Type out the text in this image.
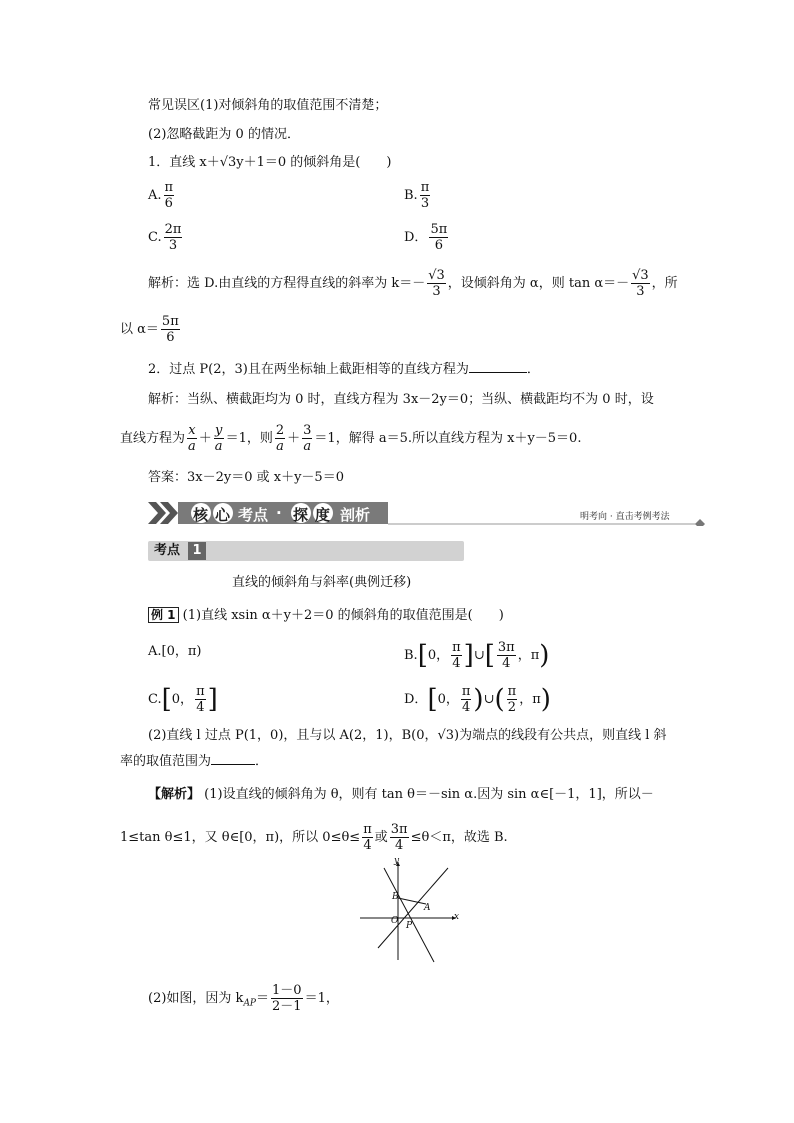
常见误区(1)对倾斜角的取值范围不清楚；
(2)忽略截距为 0 的情况．
1．直线 x＋√3y＋1＝0 的倾斜角是(　　)
A. $\frac{\pi}{6}$	B. $\frac{\pi}{3}$
C. $\frac{2\pi}{3}$	D． $\frac{5\pi}{6}$
解析：选 D.由直线的方程得直线的斜率为 $k=- \frac{√3}{3}$ ，设倾斜角为 α，则 $\tan \alpha=- \frac{√3}{3}$ ，所
以 $\alpha= \frac{5\pi}{6}$
2．过点 P(2，3)且在两坐标轴上截距相等的直线方程为	．
解析：当纵、横截距均为 0 时，直线方程为 3x－2y＝0；当纵、横截距均不为 0 时，设
直线方程为 $\frac{x}{a} + \frac{y}{a} =1$，则 $\frac{2}{a} + \frac{3}{a} =1$，解得 a＝5.所以直线方程为 x＋y－5＝0.
答案：3x－2y＝0 或 x＋y－5＝0
核 心 考点 · 探 度 剖析	明考向 · 直击考例考法
考点 1
直线的倾斜角与斜率(典例迁移)
例 1 (1)直线 xsin α＋y＋2＝0 的倾斜角的取值范围是(　　)
A.[0，π)	B.[0， $\frac{\pi}{4}$ ]∪[ $\frac{3\pi}{4}$ ，π)
C.[0， $\frac{\pi}{4}$ ]	D．[0， $\frac{\pi}{4}$ )∪( $\frac{\pi}{2}$ ，π)
(2)直线 l 过点 P(1，0)，且与以 A(2，1)，B(0，√3)为端点的线段有公共点，则直线 l 斜
率的取值范围为	．
【解析】 (1)设直线的倾斜角为 θ，则有 tan θ＝－sin α.因为 sin α∈[－1，1]，所以－
1≤tan θ≤1，又 θ∈[0，π)，所以 $0\le\theta\le \frac{\pi}{4}$ 或 $\frac{3\pi}{4} \le\theta<\pi$，故选 B.
y
x
B
A
O P
(2)如图，因为 $k_{AP}= \frac{1-0}{2-1} =1$，
